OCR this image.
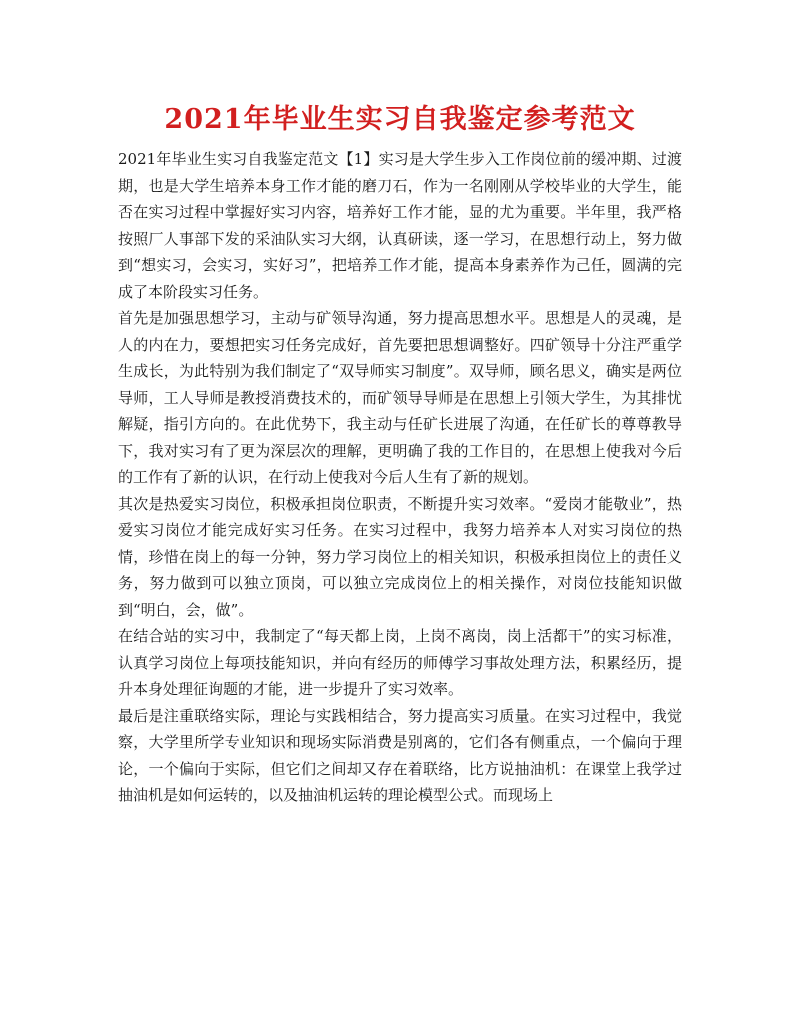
2021年毕业生实习自我鉴定参考范文

2021年毕业生实习自我鉴定范文【1】实习是大学生步入工作岗位前的缓冲期、过渡期，也是大学生培养本身工作才能的磨刀石，作为一名刚刚从学校毕业的大学生，能否在实习过程中掌握好实习内容，培养好工作才能，显的尤为重要。半年里，我严格按照厂人事部下发的采油队实习大纲，认真研读，逐一学习，在思想行动上，努力做到“想实习，会实习，实好习”，把培养工作才能，提高本身素养作为己任，圆满的完成了本阶段实习任务。

首先是加强思想学习，主动与矿领导沟通，努力提高思想水平。思想是人的灵魂，是人的内在力，要想把实习任务完成好，首先要把思想调整好。四矿领导十分注严重学生成长，为此特别为我们制定了“双导师实习制度”。双导师，顾名思义，确实是两位导师，工人导师是教授消费技术的，而矿领导导师是在思想上引领大学生，为其排忧解疑，指引方向的。在此优势下，我主动与任矿长进展了沟通，在任矿长的尊尊教导下，我对实习有了更为深层次的理解，更明确了我的工作目的，在思想上使我对今后的工作有了新的认识，在行动上使我对今后人生有了新的规划。

其次是热爱实习岗位，积极承担岗位职责，不断提升实习效率。“爱岗才能敬业”，热爱实习岗位才能完成好实习任务。在实习过程中，我努力培养本人对实习岗位的热情，珍惜在岗上的每一分钟，努力学习岗位上的相关知识，积极承担岗位上的责任义务，努力做到可以独立顶岗，可以独立完成岗位上的相关操作，对岗位技能知识做到“明白，会，做”。

在结合站的实习中，我制定了“每天都上岗，上岗不离岗，岗上活都干”的实习标准，认真学习岗位上每项技能知识，并向有经历的师傅学习事故处理方法，积累经历，提升本身处理征询题的才能，进一步提升了实习效率。

最后是注重联络实际，理论与实践相结合，努力提高实习质量。在实习过程中，我觉察，大学里所学专业知识和现场实际消费是别离的，它们各有侧重点，一个偏向于理论，一个偏向于实际，但它们之间却又存在着联络，比方说抽油机：在课堂上我学过抽油机是如何运转的，以及抽油机运转的理论模型公式。而现场上
